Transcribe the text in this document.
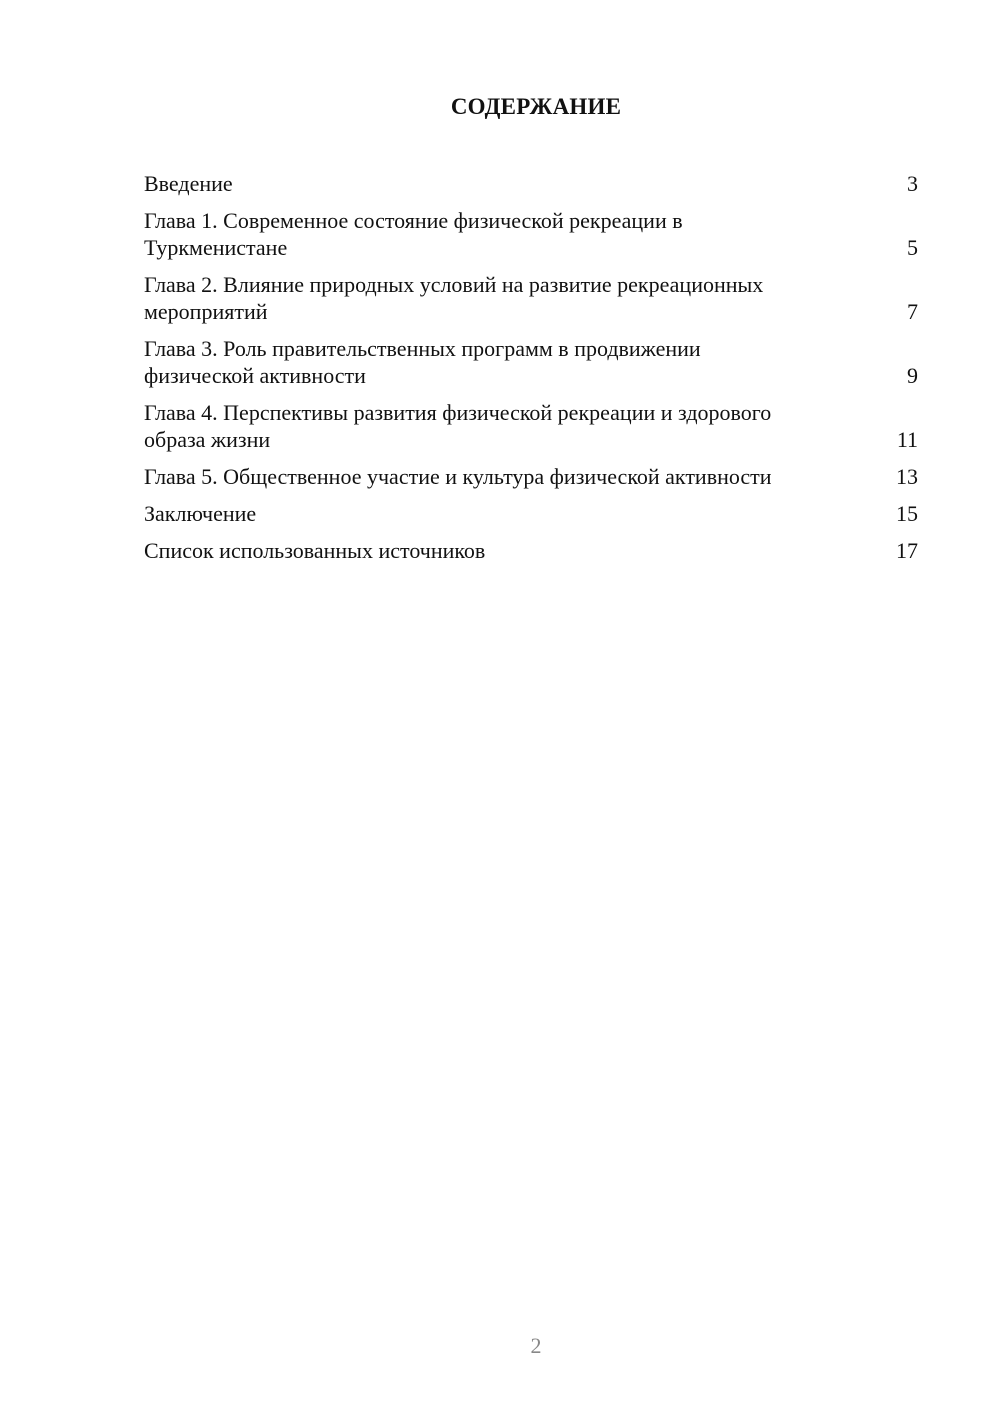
СОДЕРЖАНИЕ
Введение	3
Глава 1. Современное состояние физической рекреации в Туркменистане	5
Глава 2. Влияние природных условий на развитие рекреационных мероприятий	7
Глава 3. Роль правительственных программ в продвижении физической активности	9
Глава 4. Перспективы развития физической рекреации и здорового образа жизни	11
Глава 5. Общественное участие и культура физической активности	13
Заключение	15
Список использованных источников	17
2
